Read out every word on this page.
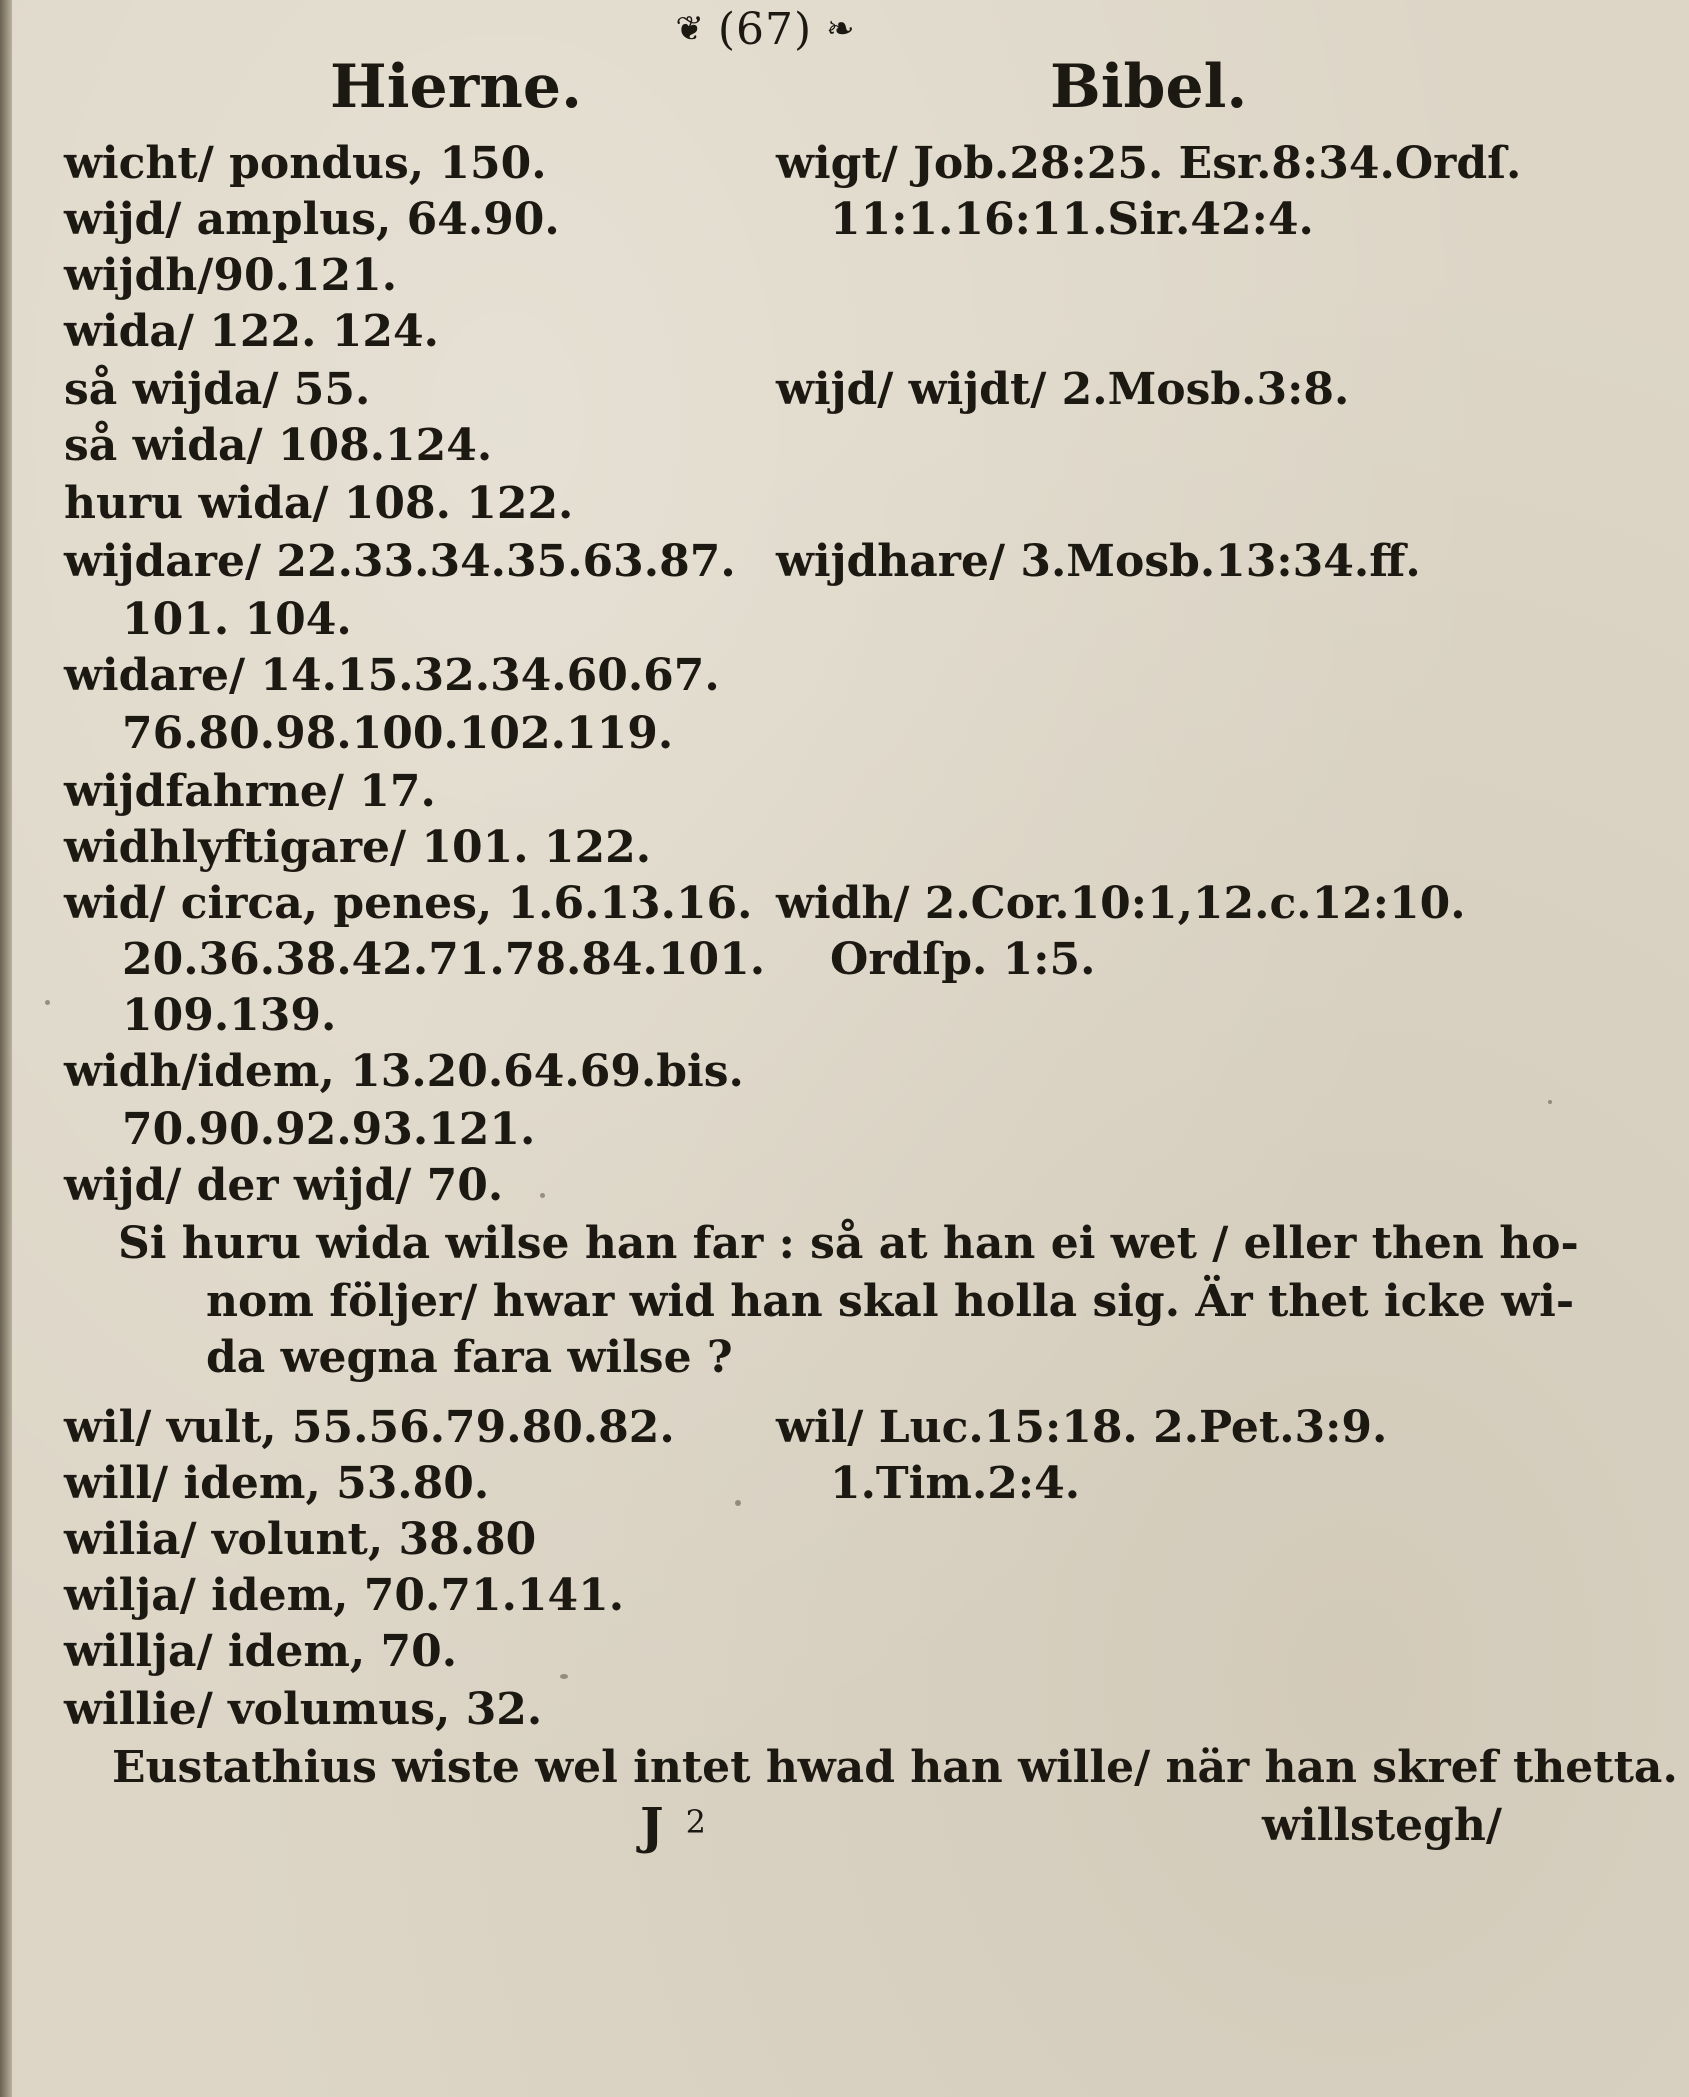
❦ (67) ❧
Hierne.	Bibel.
wicht/ pondus, 150.
wijd/ amplus, 64.90.
wijdh/90.121.
wida/ 122. 124.
så wijda/ 55.
så wida/ 108.124.
huru wida/ 108. 122.
wijdare/ 22.33.34.35.63.87.
101. 104.
widare/ 14.15.32.34.60.67.
76.80.98.100.102.119.
wijdfahrne/ 17.
widhlyftigare/ 101. 122.
wid/ circa, penes, 1.6.13.16.
20.36.38.42.71.78.84.101.
109.139.
widh/idem, 13.20.64.69.bis.
70.90.92.93.121.
wijd/ der wijd/ 70.
wigt/ Job.28:25. Esr.8:34.Ordſ.
11:1.16:11.Sir.42:4.
wijd/ wijdt/ 2.Mosb.3:8.
wijdhare/ 3.Mosb.13:34.ff.
widh/ 2.Cor.10:1,12.c.12:10.
Ordſp. 1:5.
Si huru wida wilse han far : så at han ei wet / eller then ho-
nom följer/ hwar wid han skal holla sig. Är thet icke wi-
da wegna fara wilse ?
wil/ vult, 55.56.79.80.82.
will/ idem, 53.80.
wilia/ volunt, 38.80
wilja/ idem, 70.71.141.
willja/ idem, 70.
willie/ volumus, 32.
wil/ Luc.15:18. 2.Pet.3:9.
1.Tim.2:4.
Eustathius wiste wel intet hwad han wille/ när han skref thetta.
J $^2$	willstegh/
